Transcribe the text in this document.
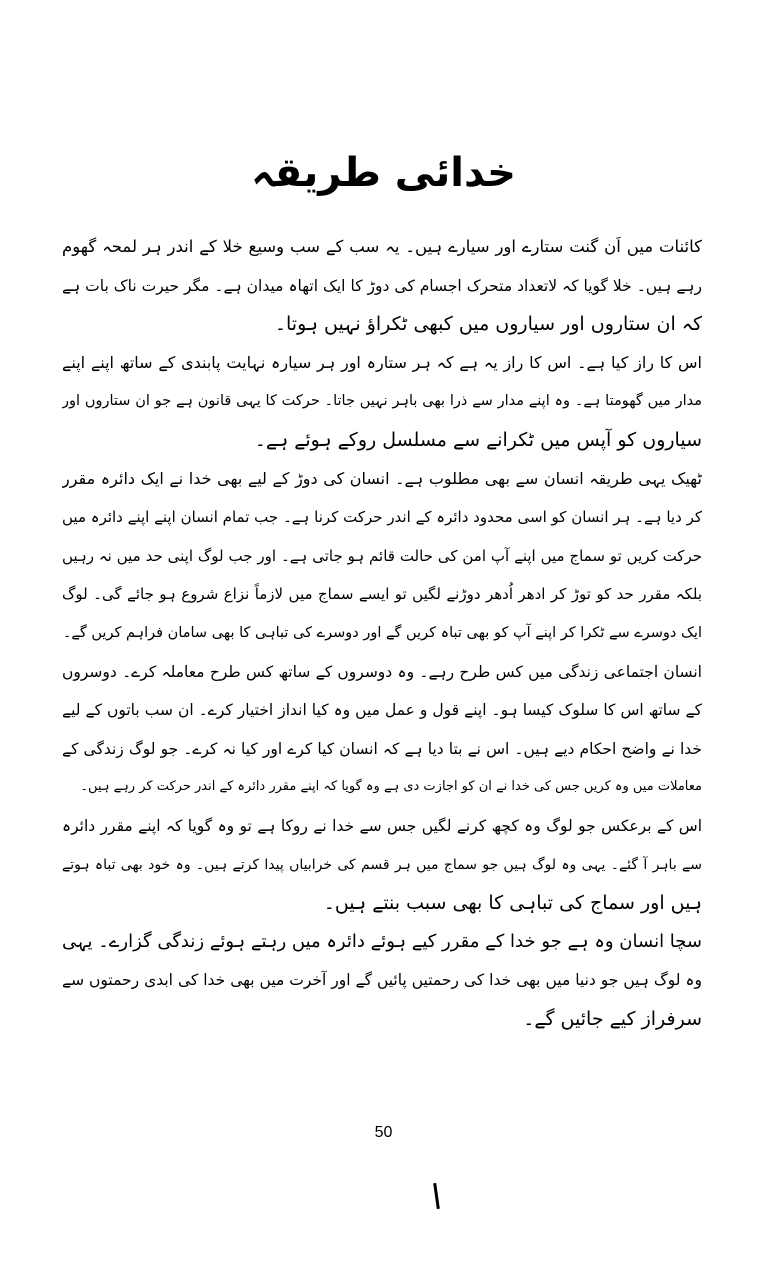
خدائی طریقہ
کائنات میں اَن گنت ستارے اور سیارے ہیں۔ یہ سب کے سب وسیع خلا کے اندر ہر لمحہ گھوم
رہے ہیں۔ خلا گویا کہ لاتعداد متحرک اجسام کی دوڑ کا ایک اتھاہ میدان ہے۔ مگر حیرت ناک بات ہے
کہ ان ستاروں اور سیاروں میں کبھی ٹکراؤ نہیں ہوتا۔
اس کا راز کیا ہے۔ اس کا راز یہ ہے کہ ہر ستارہ اور ہر سیارہ نہایت پابندی کے ساتھ اپنے اپنے
مدار میں گھومتا ہے۔ وہ اپنے مدار سے ذرا بھی باہر نہیں جاتا۔ حرکت کا یہی قانون ہے جو ان ستاروں اور
سیاروں کو آپس میں ٹکرانے سے مسلسل روکے ہوئے ہے۔
ٹھیک یہی طریقہ انسان سے بھی مطلوب ہے۔ انسان کی دوڑ کے لیے بھی خدا نے ایک دائرہ مقرر
کر دیا ہے۔ ہر انسان کو اسی محدود دائرہ کے اندر حرکت کرنا ہے۔ جب تمام انسان اپنے اپنے دائرہ میں
حرکت کریں تو سماج میں اپنے آپ امن کی حالت قائم ہو جاتی ہے۔ اور جب لوگ اپنی حد میں نہ رہیں
بلکہ مقرر حد کو توڑ کر ادھر اُدھر دوڑنے لگیں تو ایسے سماج میں لازماً نزاع شروع ہو جائے گی۔ لوگ
ایک دوسرے سے ٹکرا کر اپنے آپ کو بھی تباہ کریں گے اور دوسرے کی تباہی کا بھی سامان فراہم کریں گے۔
انسان اجتماعی زندگی میں کس طرح رہے۔ وہ دوسروں کے ساتھ کس طرح معاملہ کرے۔ دوسروں
کے ساتھ اس کا سلوک کیسا ہو۔ اپنے قول و عمل میں وہ کیا انداز اختیار کرے۔ ان سب باتوں کے لیے
خدا نے واضح احکام دیے ہیں۔ اس نے بتا دیا ہے کہ انسان کیا کرے اور کیا نہ کرے۔ جو لوگ زندگی کے
معاملات میں وہ کریں جس کی خدا نے ان کو اجازت دی ہے وہ گویا کہ اپنے مقرر دائرہ کے اندر حرکت کر رہے ہیں۔
اس کے برعکس جو لوگ وہ کچھ کرنے لگیں جس سے خدا نے روکا ہے تو وہ گویا کہ اپنے مقرر دائرہ
سے باہر آ گئے۔ یہی وہ لوگ ہیں جو سماج میں ہر قسم کی خرابیاں پیدا کرتے ہیں۔ وہ خود بھی تباہ ہوتے
ہیں اور سماج کی تباہی کا بھی سبب بنتے ہیں۔
سچا انسان وہ ہے جو خدا کے مقرر کیے ہوئے دائرہ میں رہتے ہوئے زندگی گزارے۔ یہی
وہ لوگ ہیں جو دنیا میں بھی خدا کی رحمتیں پائیں گے اور آخرت میں بھی خدا کی ابدی رحمتوں سے
سرفراز کیے جائیں گے۔
50
